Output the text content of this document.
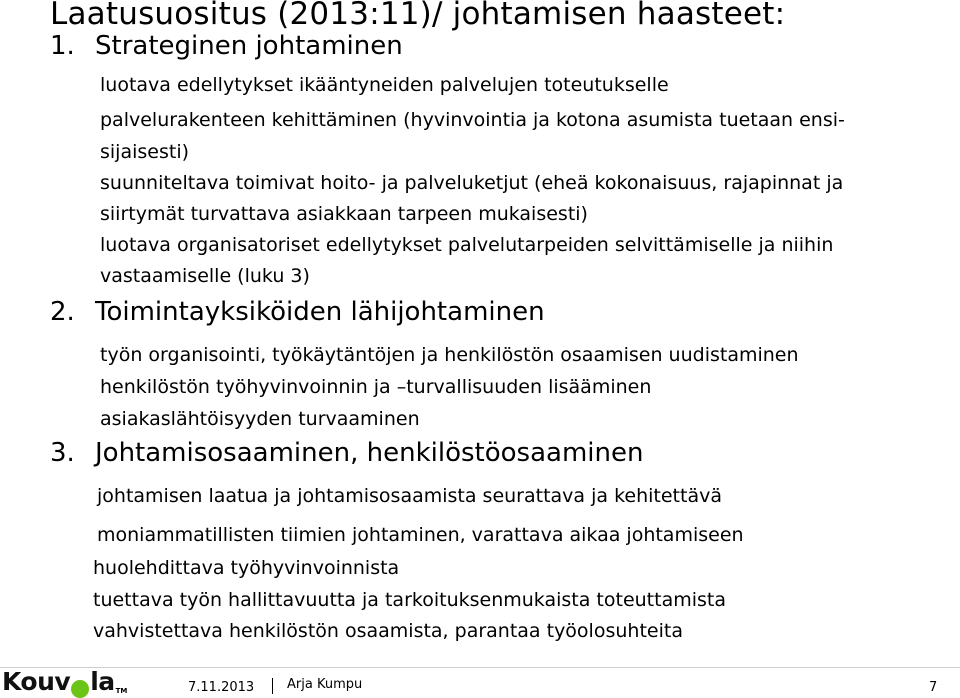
Laatusuositus (2013:11)/ johtamisen haasteet:
1. Strateginen johtaminen
luotava edellytykset ikääntyneiden palvelujen toteutukselle
palvelurakenteen kehittäminen (hyvinvointia ja kotona asumista tuetaan ensi-
sijaisesti)
suunniteltava toimivat hoito- ja palveluketjut (eheä kokonaisuus, rajapinnat ja
siirtymät turvattava asiakkaan tarpeen mukaisesti)
luotava organisatoriset edellytykset palvelutarpeiden selvittämiselle ja niihin
vastaamiselle (luku 3)
2. Toimintayksiköiden lähijohtaminen
työn organisointi, työkäytäntöjen ja henkilöstön osaamisen uudistaminen
henkilöstön työhyvinvoinnin ja –turvallisuuden lisääminen
asiakaslähtöisyyden turvaaminen
3. Johtamisosaaminen, henkilöstöosaaminen
johtamisen laatua ja johtamisosaamista seurattava ja kehitettävä
moniammatillisten tiimien johtaminen, varattava aikaa johtamiseen
huolehdittava työhyvinvoinnista
tuettava työn hallittavuutta ja tarkoituksenmukaista toteuttamista
vahvistettava henkilöstön osaamista, parantaa työolosuhteita
Kouv la TM	7.11.2013	Arja Kumpu	7
